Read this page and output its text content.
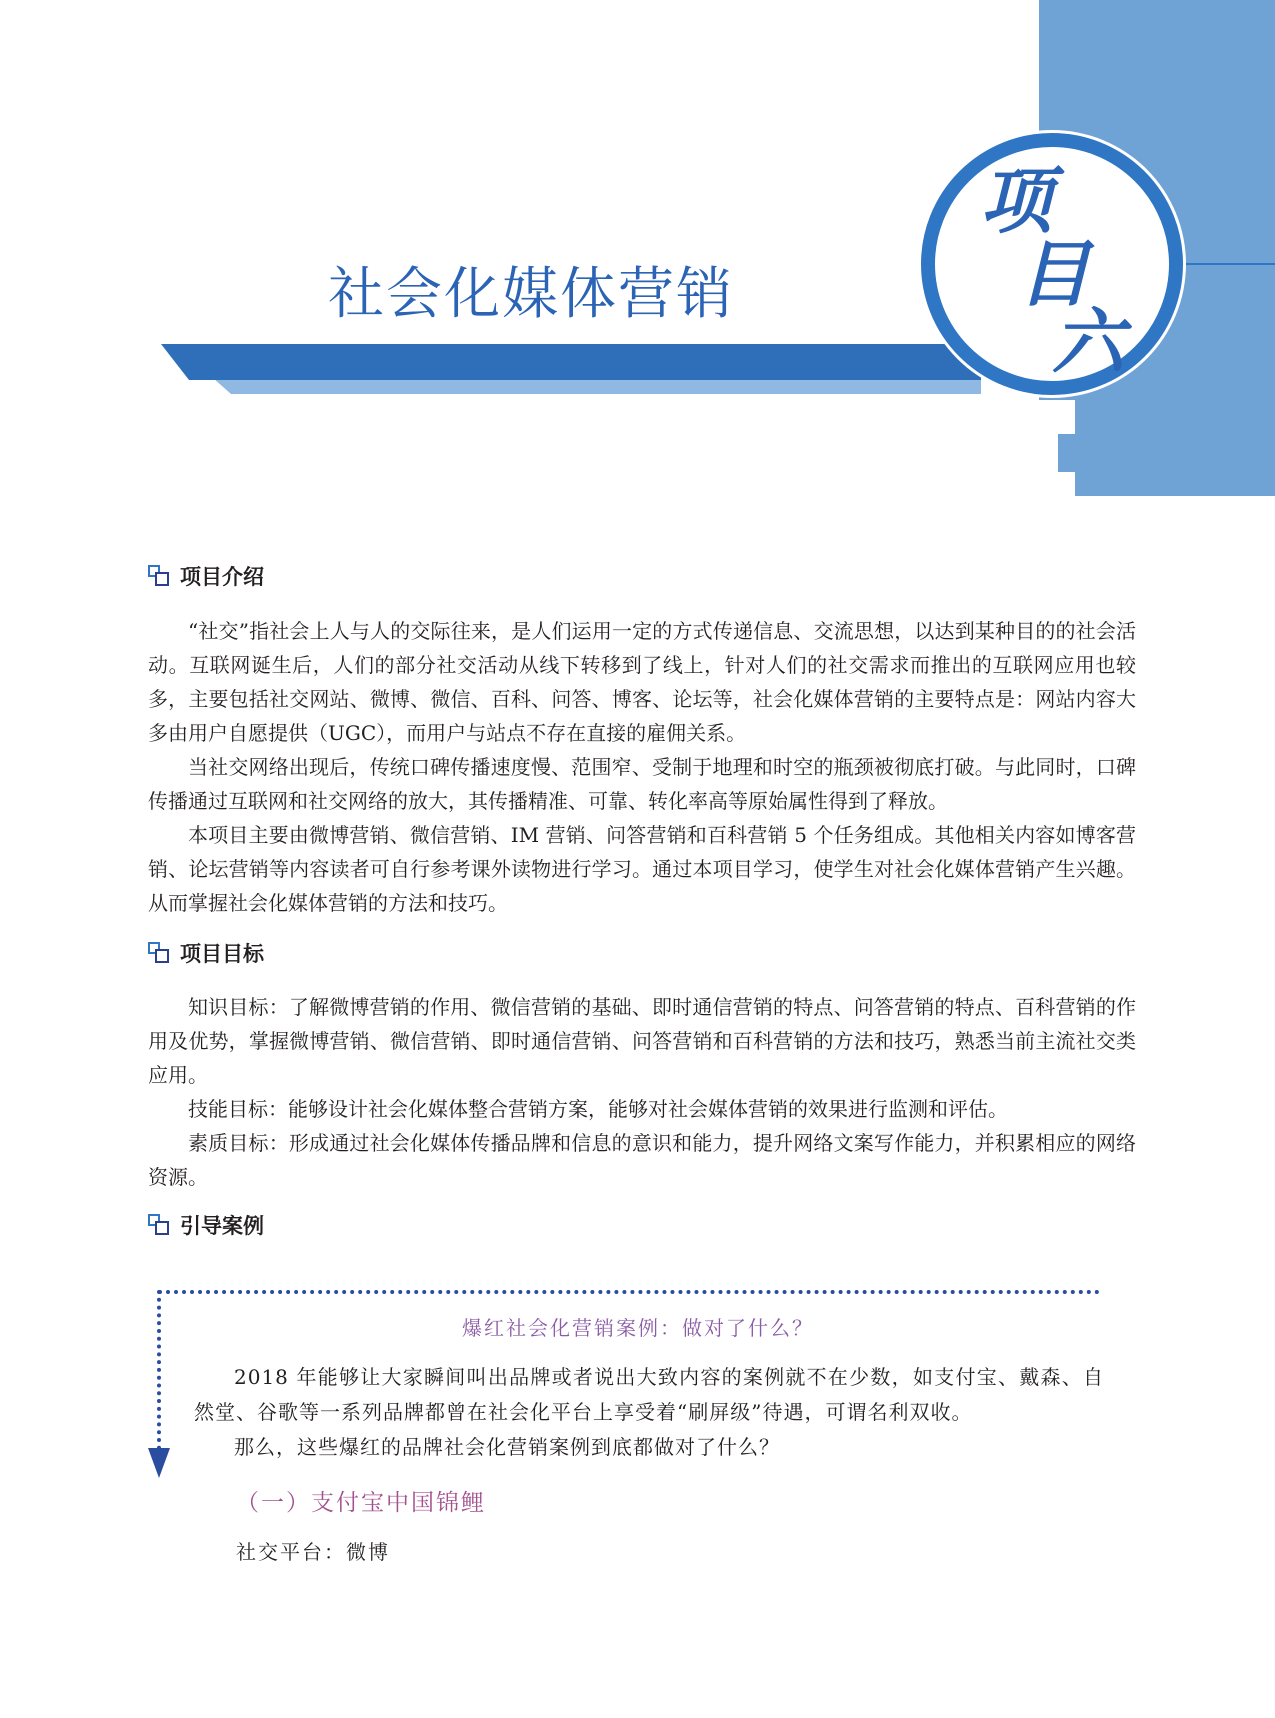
社会化媒体营销
项
目
六
项目介绍

“社交”指社会上人与人的交际往来，是人们运用一定的方式传递信息、交流思想，以达到某种目的的社会活动。互联网诞生后，人们的部分社交活动从线下转移到了线上，针对人们的社交需求而推出的互联网应用也较多，主要包括社交网站、微博、微信、百科、问答、博客、论坛等，社会化媒体营销的主要特点是：网站内容大多由用户自愿提供（UGC），而用户与站点不存在直接的雇佣关系。

当社交网络出现后，传统口碑传播速度慢、范围窄、受制于地理和时空的瓶颈被彻底打破。与此同时，口碑传播通过互联网和社交网络的放大，其传播精准、可靠、转化率高等原始属性得到了释放。

本项目主要由微博营销、微信营销、IM 营销、问答营销和百科营销 5 个任务组成。其他相关内容如博客营销、论坛营销等内容读者可自行参考课外读物进行学习。通过本项目学习，使学生对社会化媒体营销产生兴趣。从而掌握社会化媒体营销的方法和技巧。

项目目标

知识目标：了解微博营销的作用、微信营销的基础、即时通信营销的特点、问答营销的特点、百科营销的作用及优势，掌握微博营销、微信营销、即时通信营销、问答营销和百科营销的方法和技巧，熟悉当前主流社交类应用。

技能目标：能够设计社会化媒体整合营销方案，能够对社会媒体营销的效果进行监测和评估。

素质目标：形成通过社会化媒体传播品牌和信息的意识和能力，提升网络文案写作能力，并积累相应的网络资源。

引导案例
爆红社会化营销案例：做对了什么？

2018 年能够让大家瞬间叫出品牌或者说出大致内容的案例就不在少数，如支付宝、戴森、自然堂、谷歌等一系列品牌都曾在社会化平台上享受着“刷屏级”待遇，可谓名利双收。

那么，这些爆红的品牌社会化营销案例到底都做对了什么？

（一）支付宝中国锦鲤
社交平台：微博
